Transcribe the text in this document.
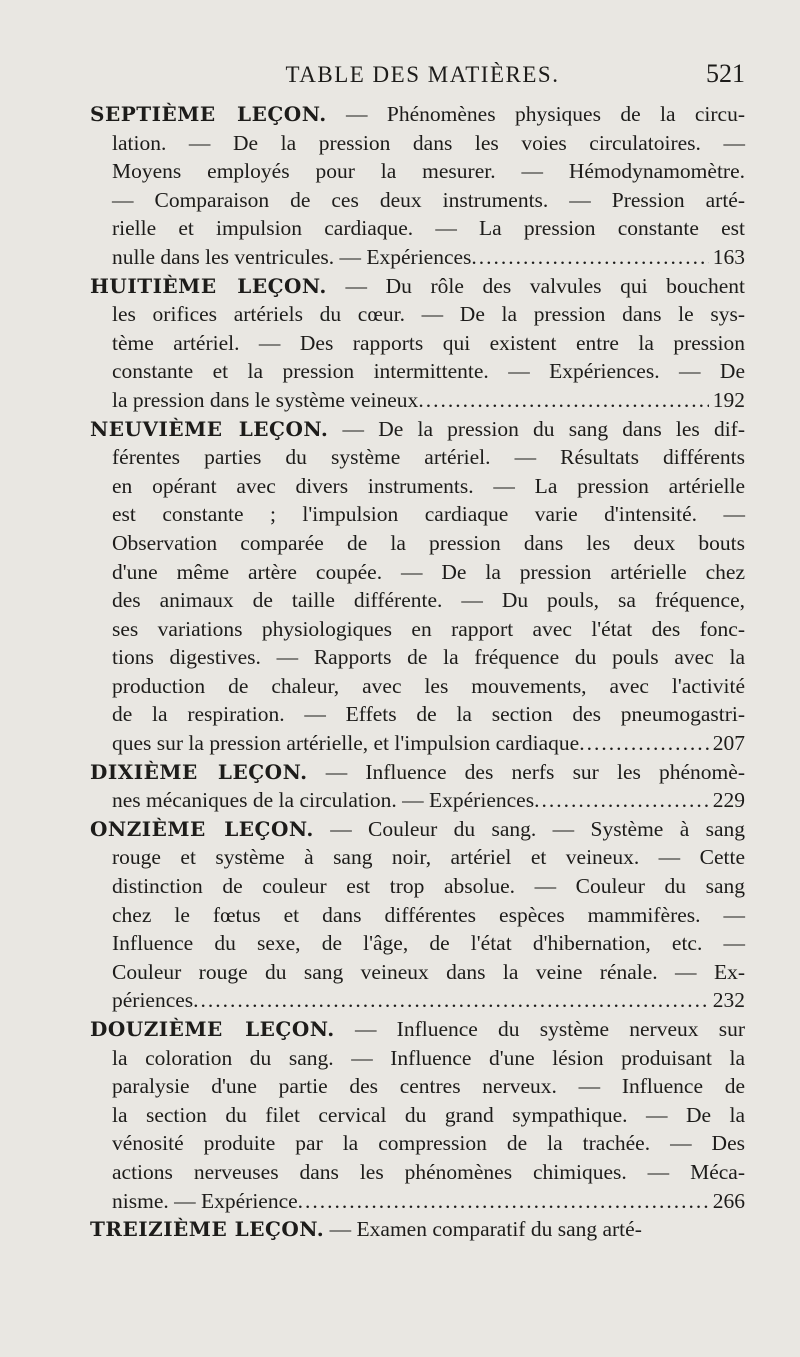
TABLE DES MATIÈRES.	521
SEPTIÈME LEÇON. — Phénomènes physiques de la circu-
lation. — De la pression dans les voies circulatoires. —
Moyens employés pour la mesurer. — Hémodynamomètre.
— Comparaison de ces deux instruments. — Pression arté-
rielle et impulsion cardiaque. — La pression constante est
nulle dans les ventricules. — Expériences .....	163
HUITIÈME LEÇON. — Du rôle des valvules qui bouchent
les orifices artériels du cœur. — De la pression dans le sys-
tème artériel. — Des rapports qui existent entre la pression
constante et la pression intermittente. — Expériences. — De
la pression dans le système veineux .....	192
NEUVIÈME LEÇON. — De la pression du sang dans les dif-
férentes parties du système artériel. — Résultats différents
en opérant avec divers instruments. — La pression artérielle
est constante ; l'impulsion cardiaque varie d'intensité. —
Observation comparée de la pression dans les deux bouts
d'une même artère coupée. — De la pression artérielle chez
des animaux de taille différente. — Du pouls, sa fréquence,
ses variations physiologiques en rapport avec l'état des fonc-
tions digestives. — Rapports de la fréquence du pouls avec la
production de chaleur, avec les mouvements, avec l'activité
de la respiration. — Effets de la section des pneumogastri-
ques sur la pression artérielle, et l'impulsion cardiaque .....	207
DIXIÈME LEÇON. — Influence des nerfs sur les phénomè-
nes mécaniques de la circulation. — Expériences .....	229
ONZIÈME LEÇON. — Couleur du sang. — Système à sang
rouge et système à sang noir, artériel et veineux. — Cette
distinction de couleur est trop absolue. — Couleur du sang
chez le fœtus et dans différentes espèces mammifères. —
Influence du sexe, de l'âge, de l'état d'hibernation, etc. —
Couleur rouge du sang veineux dans la veine rénale. — Ex-
périences .....	232
DOUZIÈME LEÇON. — Influence du système nerveux sur
la coloration du sang. — Influence d'une lésion produisant la
paralysie d'une partie des centres nerveux. — Influence de
la section du filet cervical du grand sympathique. — De la
vénosité produite par la compression de la trachée. — Des
actions nerveuses dans les phénomènes chimiques. — Méca-
nisme. — Expérience .....	266
TREIZIÈME LEÇON. — Examen comparatif du sang arté-
